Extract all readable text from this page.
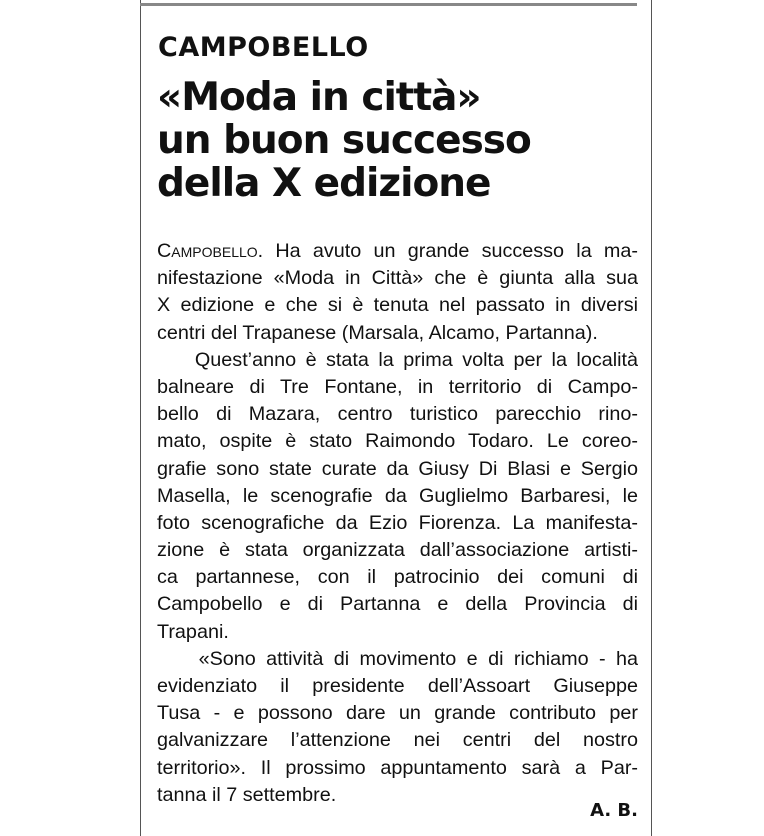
CAMPOBELLO
«Moda in città»
un buon successo
della X edizione
Campobello. Ha avuto un grande successo la ma-
nifestazione «Moda in Città» che è giunta alla sua
X edizione e che si è tenuta nel passato in diversi
centri del Trapanese (Marsala, Alcamo, Partanna).
Quest’anno è stata la prima volta per la località
balneare di Tre Fontane, in territorio di Campo-
bello di Mazara, centro turistico parecchio rino-
mato, ospite è stato Raimondo Todaro. Le coreo-
grafie sono state curate da Giusy Di Blasi e Sergio
Masella, le scenografie da Guglielmo Barbaresi, le
foto scenografiche da Ezio Fiorenza. La manifesta-
zione è stata organizzata dall’associazione artisti-
ca partannese, con il patrocinio dei comuni di
Campobello e di Partanna e della Provincia di
Trapani.
«Sono attività di movimento e di richiamo - ha
evidenziato il presidente dell’Assoart Giuseppe
Tusa - e possono dare un grande contributo per
galvanizzare l’attenzione nei centri del nostro
territorio». Il prossimo appuntamento sarà a Par-
tanna il 7 settembre.
A. B.
